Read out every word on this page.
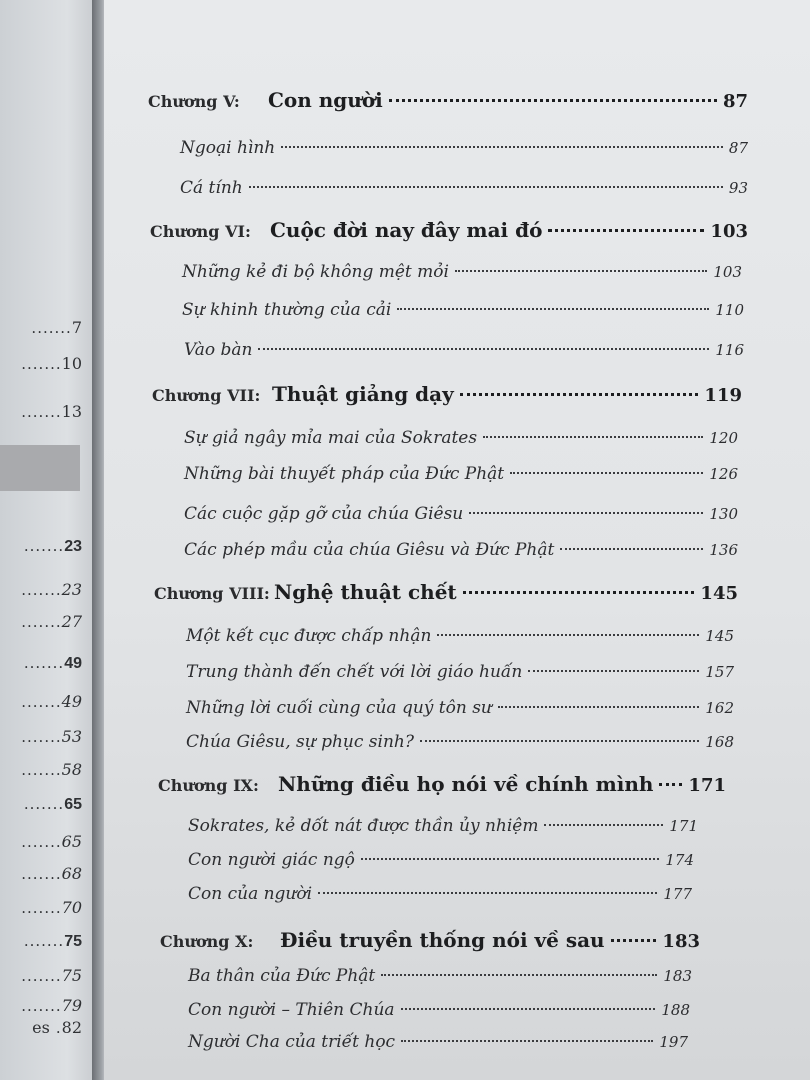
....... 7
....... 10
....... 13
....... 23
....... 23
....... 27
....... 49
....... 49
....... 53
....... 58
....... 65
....... 65
....... 68
....... 70
....... 75
....... 75
....... 79
es . 82
Chương V:	Con người	87
Ngoại hình	87
Cá tính	93
Chương VI: Cuộc đời nay đây mai đó	103
Những kẻ đi bộ không mệt mỏi	103
Sự khinh thường của cải	110
Vào bàn	116
Chương VII: Thuật giảng dạy	119
Sự giả ngây mỉa mai của Sokrates	120
Những bài thuyết pháp của Đức Phật	126
Các cuộc gặp gỡ của chúa Giêsu	130
Các phép mầu của chúa Giêsu và Đức Phật	136
Chương VIII: Nghệ thuật chết	145
Một kết cục được chấp nhận	145
Trung thành đến chết với lời giáo huấn	157
Những lời cuối cùng của quý tôn sư	162
Chúa Giêsu, sự phục sinh?	168
Chương IX: Những điều họ nói về chính mình 171
Sokrates, kẻ dốt nát được thần ủy nhiệm	171
Con người giác ngộ	174
Con của người	177
Chương X:	Điều truyền thống nói về sau	183
Ba thân của Đức Phật	183
Con người – Thiên Chúa	188
Người Cha của triết học	197
